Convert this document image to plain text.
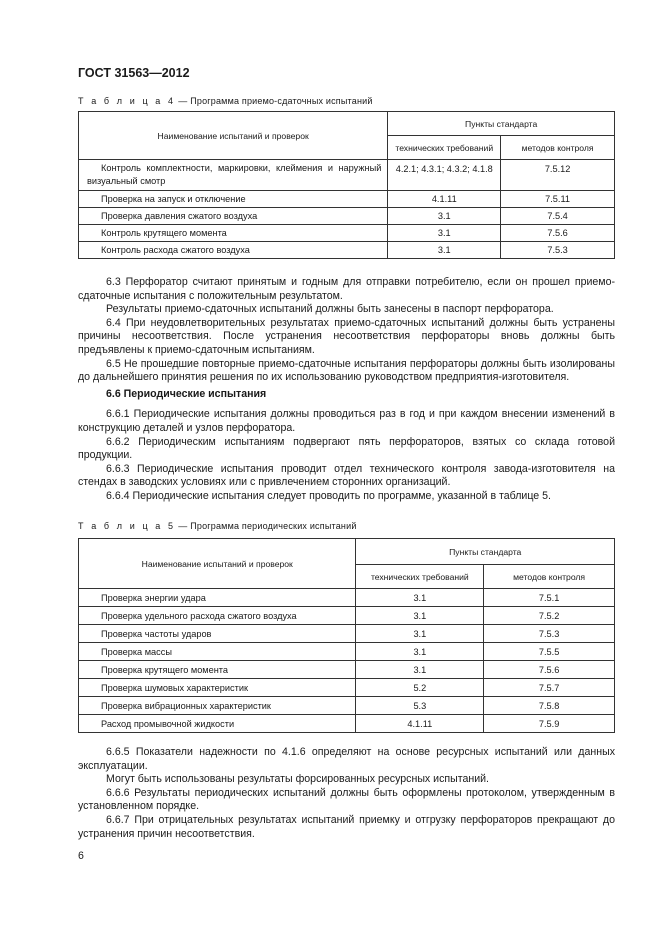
ГОСТ 31563—2012
Т а б л и ц а 4 — Программа приемо-сдаточных испытаний
Наименование испытаний и проверок	Пункты стандарта	
	технических требований	методов контроля
Контроль комплектности, маркировки, клеймения и наружный визуальный смотр	4.2.1; 4.3.1; 4.3.2; 4.1.8	7.5.12
Проверка на запуск и отключение	4.1.11	7.5.11
Проверка давления сжатого воздуха	3.1	7.5.4
Контроль крутящего момента	3.1	7.5.6
Контроль расхода сжатого воздуха	3.1	7.5.3

6.3 Перфоратор считают принятым и годным для отправки потребителю, если он прошел приемо-сдаточные испытания с положительным результатом.

Результаты приемо-сдаточных испытаний должны быть занесены в паспорт перфоратора.

6.4 При неудовлетворительных результатах приемо-сдаточных испытаний должны быть устранены причины несоответствия. После устранения несоответствия перфораторы вновь должны быть предъявлены к приемо-сдаточным испытаниям.

6.5 Не прошедшие повторные приемо-сдаточные испытания перфораторы должны быть изолированы до дальнейшего принятия решения по их использованию руководством предприятия-изготовителя.

6.6 Периодические испытания

6.6.1 Периодические испытания должны проводиться раз в год и при каждом внесении изменений в конструкцию деталей и узлов перфоратора.

6.6.2 Периодическим испытаниям подвергают пять перфораторов, взятых со склада готовой продукции.

6.6.3 Периодические испытания проводит отдел технического контроля завода-изготовителя на стендах в заводских условиях или с привлечением сторонних организаций.

6.6.4 Периодические испытания следует проводить по программе, указанной в таблице 5.

Т а б л и ц а 5 — Программа периодических испытаний
Наименование испытаний и проверок	Пункты стандарта	
	технических требований	методов контроля
Проверка энергии удара	3.1	7.5.1
Проверка удельного расхода сжатого воздуха	3.1	7.5.2
Проверка частоты ударов	3.1	7.5.3
Проверка массы	3.1	7.5.5
Проверка крутящего момента	3.1	7.5.6
Проверка шумовых характеристик	5.2	7.5.7
Проверка вибрационных характеристик	5.3	7.5.8
Расход промывочной жидкости	4.1.11	7.5.9

6.6.5 Показатели надежности по 4.1.6 определяют на основе ресурсных испытаний или данных эксплуатации.

Могут быть использованы результаты форсированных ресурсных испытаний.

6.6.6 Результаты периодических испытаний должны быть оформлены протоколом, утвержденным в установленном порядке.

6.6.7 При отрицательных результатах испытаний приемку и отгрузку перфораторов прекращают до устранения причин несоответствия.

6
